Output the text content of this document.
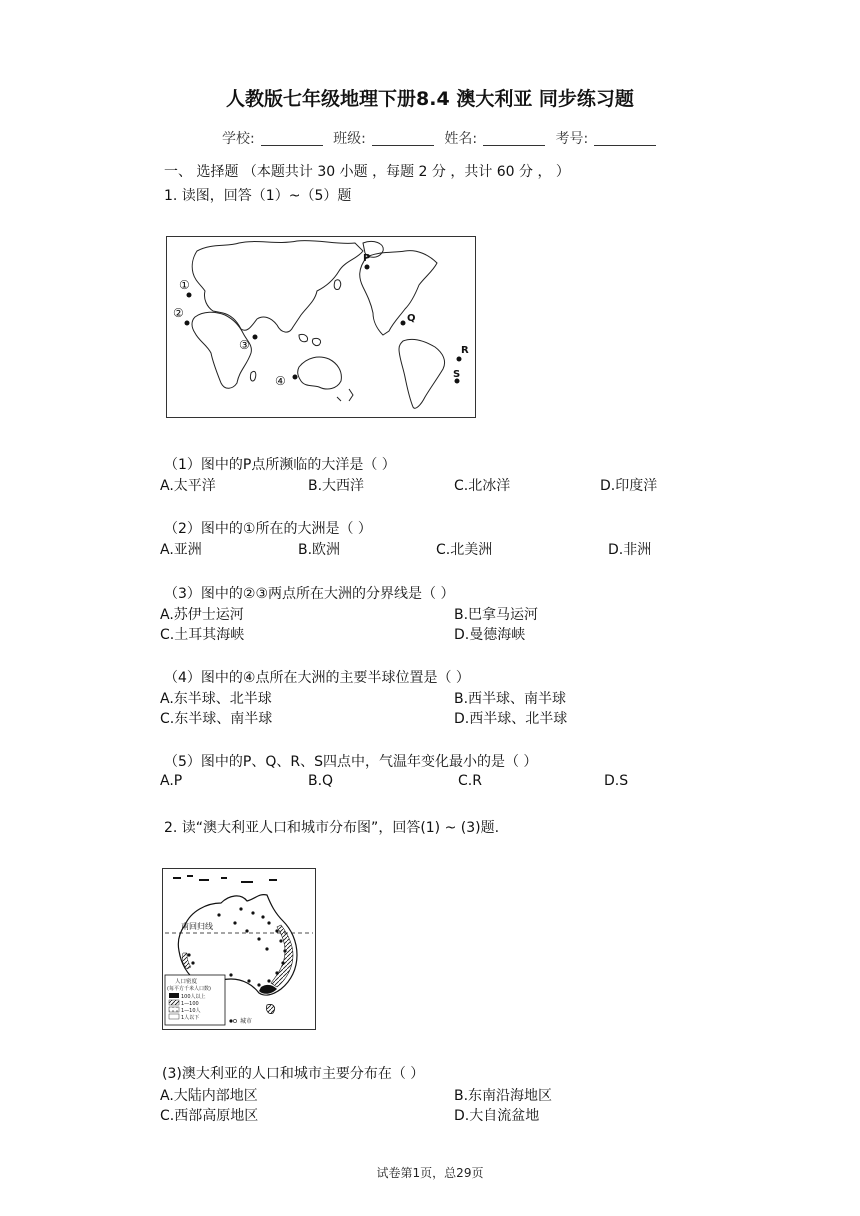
人教版七年级地理下册8.4 澳大利亚 同步练习题
学校:	班级:	姓名:	考号:
一、 选择题 （本题共计 30 小题 ，每题 2 分 ，共计 60 分 ， ）
1. 读图，回答（1）~（5）题
①
②
③
④
P
Q
R
S
（1）图中的P点所濒临的大洋是（ ）
A.太平洋	B.大西洋	C.北冰洋	D.印度洋
（2）图中的①所在的大洲是（ ）
A.亚洲	B.欧洲	C.北美洲	D.非洲
（3）图中的②③两点所在大洲的分界线是（ ）
A.苏伊士运河	B.巴拿马运河
C.土耳其海峡	D.曼德海峡
（4）图中的④点所在大洲的主要半球位置是（ ）
A.东半球、北半球	B.西半球、南半球
C.东半球、南半球	D.西半球、北半球
（5）图中的P、Q、R、S四点中，气温年变化最小的是（ ）
A.P	B.Q	C.R	D.S
2. 读“澳大利亚人口和城市分布图”，回答(1) ~ (3)题.
南回归线
人口密度
(每平方千米人口数)
100人以上
1—100
1—10人
1人以下	城市
(3)澳大利亚的人口和城市主要分布在（ ）
A.大陆内部地区	B.东南沿海地区
C.西部高原地区	D.大自流盆地
试卷第1页，总29页
